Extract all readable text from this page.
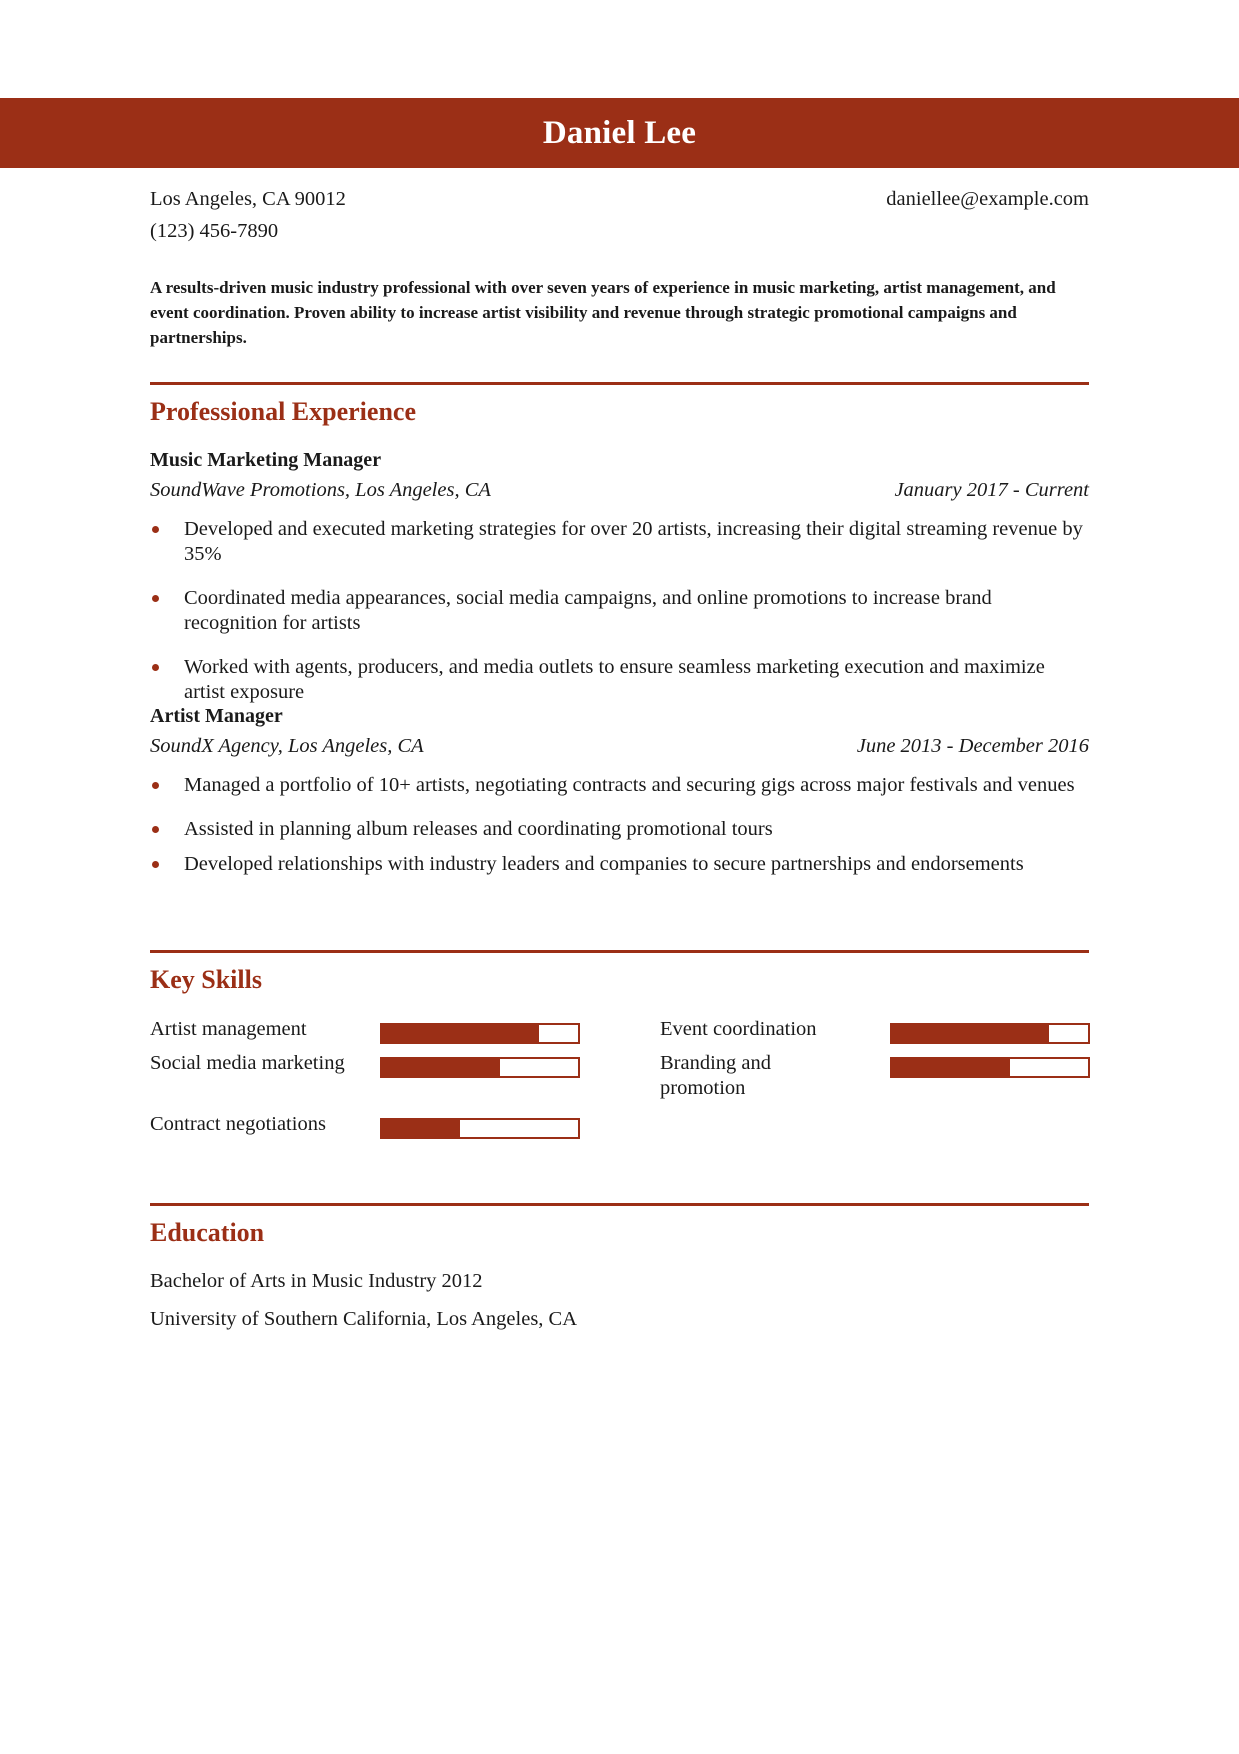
Daniel Lee
Los Angeles, CA 90012
(123) 456-7890
daniellee@example.com
A results-driven music industry professional with over seven years of experience in music marketing, artist management, and event coordination. Proven ability to increase artist visibility and revenue through strategic promotional campaigns and partnerships.
Professional Experience
Music Marketing Manager
SoundWave Promotions, Los Angeles, CA	January 2017 - Current
Developed and executed marketing strategies for over 20 artists, increasing their digital streaming revenue by 35%
Coordinated media appearances, social media campaigns, and online promotions to increase brand recognition for artists
Worked with agents, producers, and media outlets to ensure seamless marketing execution and maximize artist exposure
Artist Manager
SoundX Agency, Los Angeles, CA	June 2013 - December 2016
Managed a portfolio of 10+ artists, negotiating contracts and securing gigs across major festivals and venues
Assisted in planning album releases and coordinating promotional tours
Developed relationships with industry leaders and companies to secure partnerships and endorsements
Key Skills
Artist management	Event coordination
Social media marketing	Branding and promotion
Contract negotiations
Education
Bachelor of Arts in Music Industry 2012
University of Southern California, Los Angeles, CA
